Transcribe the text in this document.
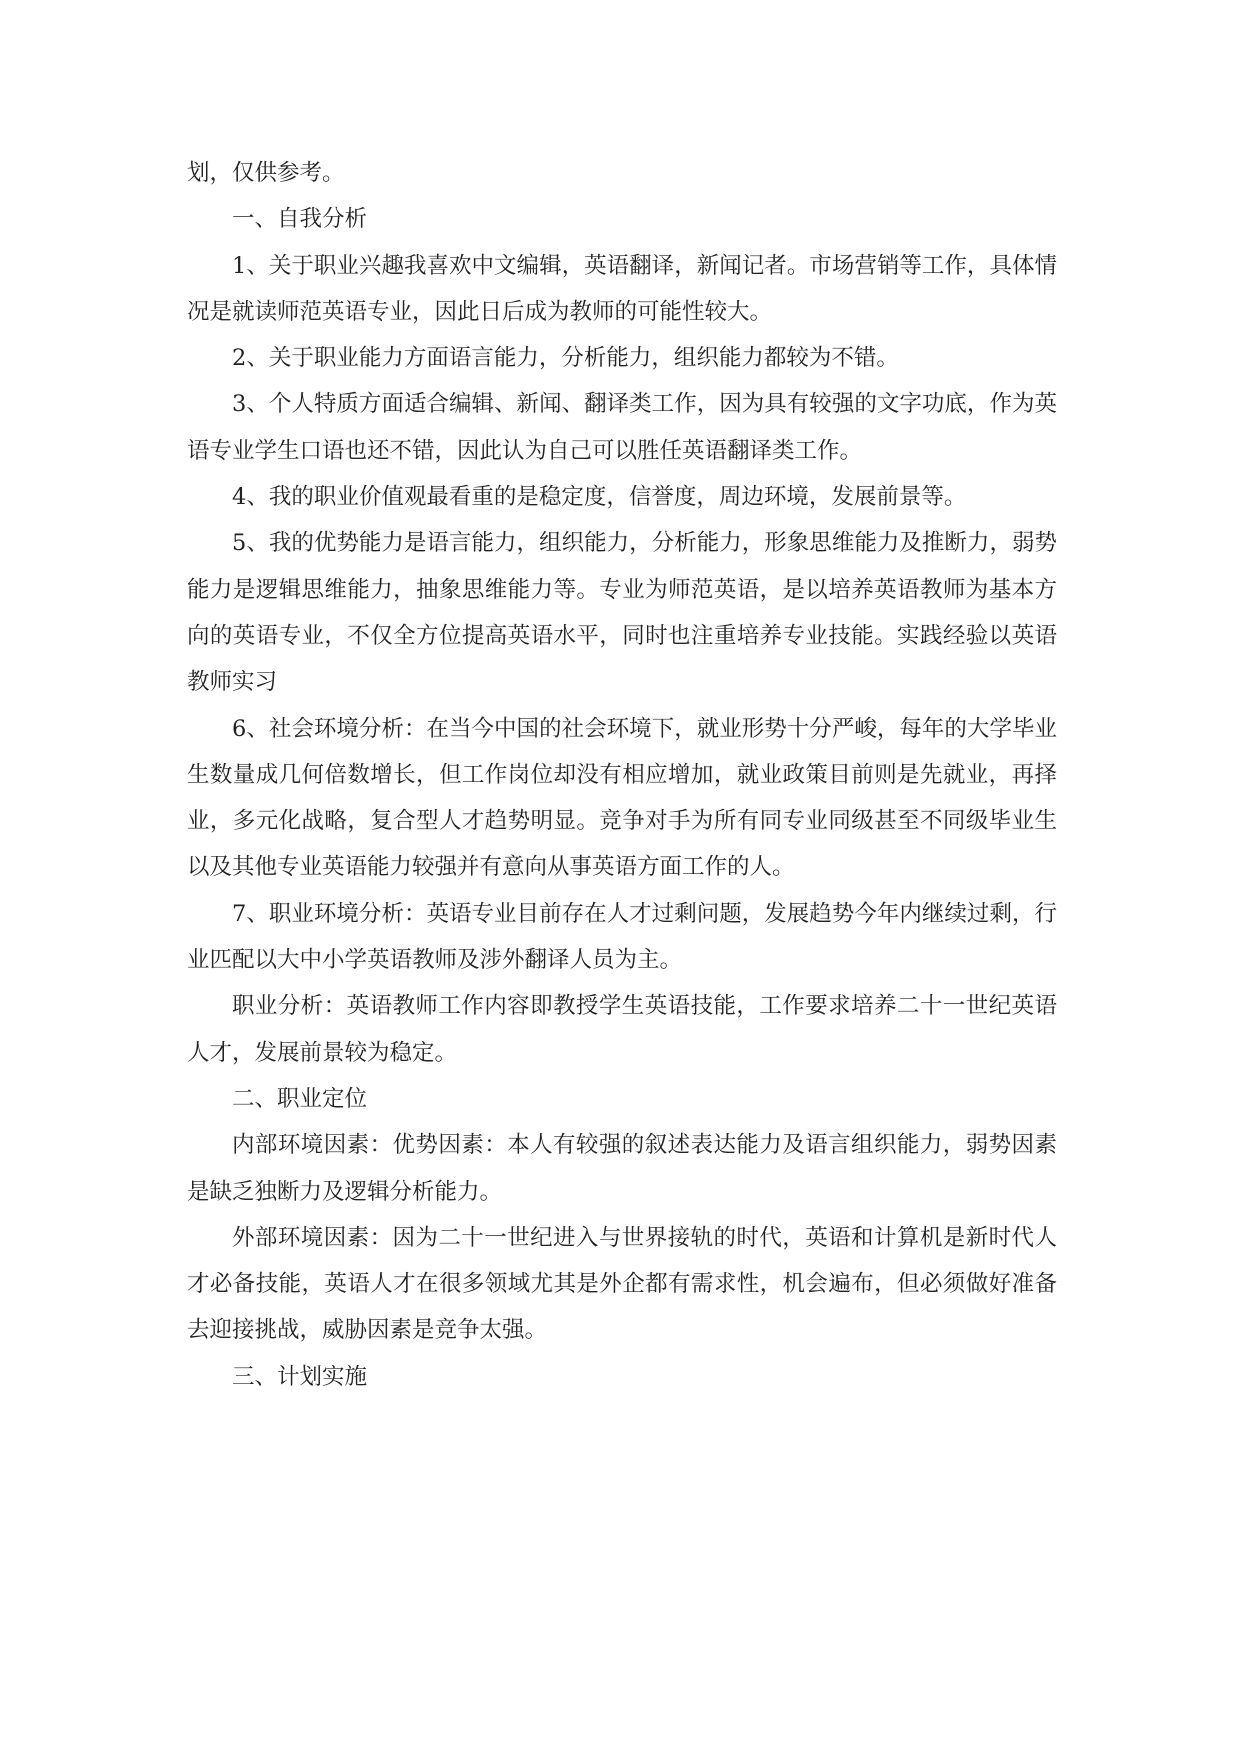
划，仅供参考。

一、自我分析

1、关于职业兴趣我喜欢中文编辑，英语翻译，新闻记者。市场营销等工作，具体情况是就读师范英语专业，因此日后成为教师的可能性较大。

2、关于职业能力方面语言能力，分析能力，组织能力都较为不错。

3、个人特质方面适合编辑、新闻、翻译类工作，因为具有较强的文字功底，作为英语专业学生口语也还不错，因此认为自己可以胜任英语翻译类工作。

4、我的职业价值观最看重的是稳定度，信誉度，周边环境，发展前景等。

5、我的优势能力是语言能力，组织能力，分析能力，形象思维能力及推断力，弱势能力是逻辑思维能力，抽象思维能力等。专业为师范英语，是以培养英语教师为基本方向的英语专业，不仅全方位提高英语水平，同时也注重培养专业技能。实践经验以英语教师实习

6、社会环境分析：在当今中国的社会环境下，就业形势十分严峻，每年的大学毕业生数量成几何倍数增长，但工作岗位却没有相应增加，就业政策目前则是先就业，再择业，多元化战略，复合型人才趋势明显。竞争对手为所有同专业同级甚至不同级毕业生以及其他专业英语能力较强并有意向从事英语方面工作的人。

7、职业环境分析：英语专业目前存在人才过剩问题，发展趋势今年内继续过剩，行业匹配以大中小学英语教师及涉外翻译人员为主。

职业分析：英语教师工作内容即教授学生英语技能，工作要求培养二十一世纪英语人才，发展前景较为稳定。

二、职业定位

内部环境因素：优势因素：本人有较强的叙述表达能力及语言组织能力，弱势因素是缺乏独断力及逻辑分析能力。

外部环境因素：因为二十一世纪进入与世界接轨的时代，英语和计算机是新时代人才必备技能，英语人才在很多领域尤其是外企都有需求性，机会遍布，但必须做好准备去迎接挑战，威胁因素是竞争太强。

三、计划实施
